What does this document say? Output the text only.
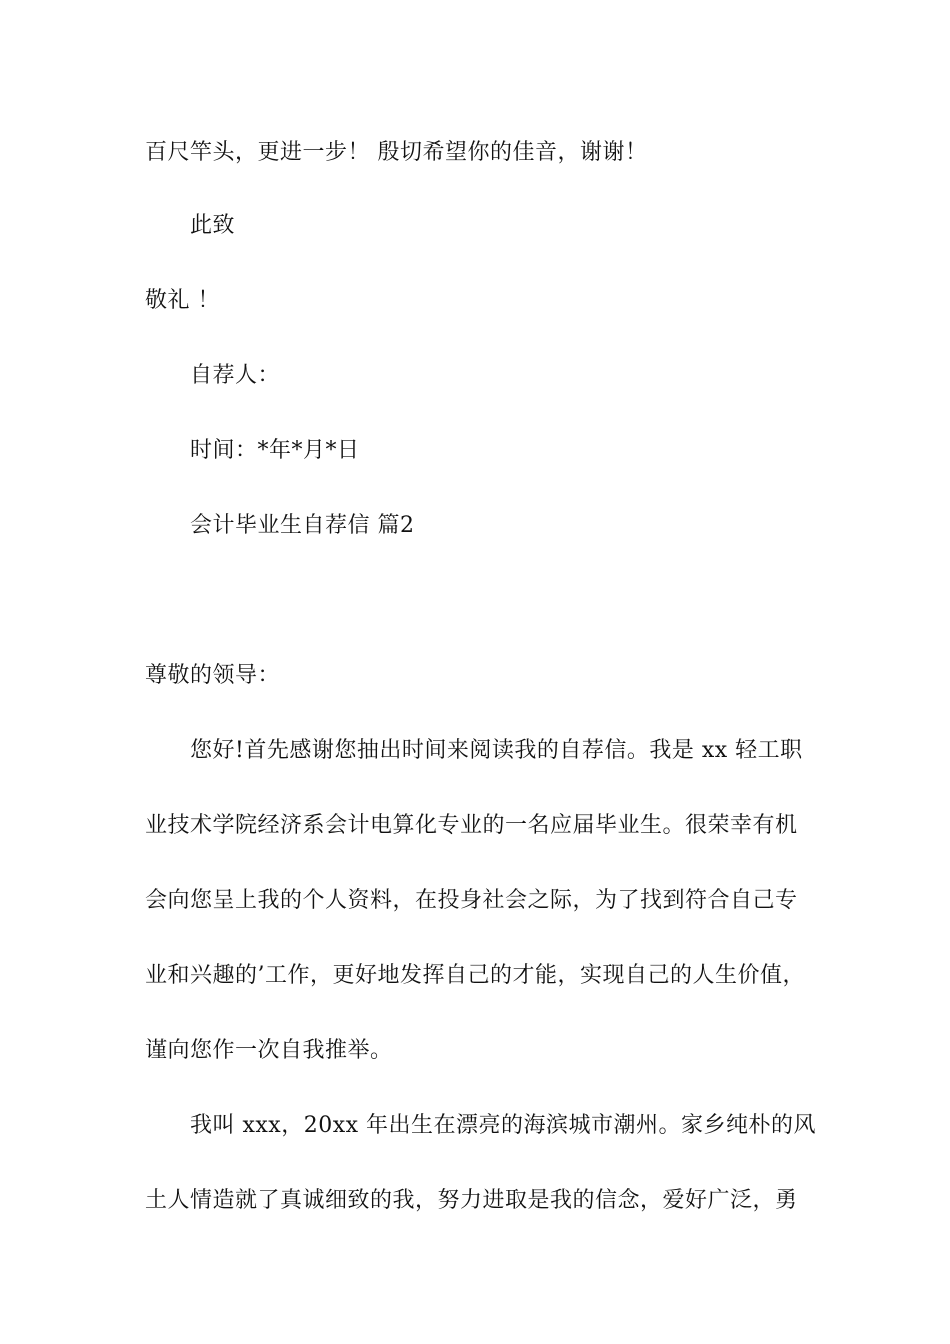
百尺竿头，更进一步！ 殷切希望你的佳音，谢谢！
此致
敬礼 ！
自荐人：
时间：*年*月*日
会计毕业生自荐信 篇2
尊敬的领导：
您好!首先感谢您抽出时间来阅读我的自荐信。我是 xx 轻工职
业技术学院经济系会计电算化专业的一名应届毕业生。很荣幸有机
会向您呈上我的个人资料，在投身社会之际，为了找到符合自己专
业和兴趣的’工作，更好地发挥自己的才能，实现自己的人生价值，
谨向您作一次自我推举。
我叫 xxx，20xx 年出生在漂亮的海滨城市潮州。家乡纯朴的风
土人情造就了真诚细致的我，努力进取是我的信念，爱好广泛，勇
